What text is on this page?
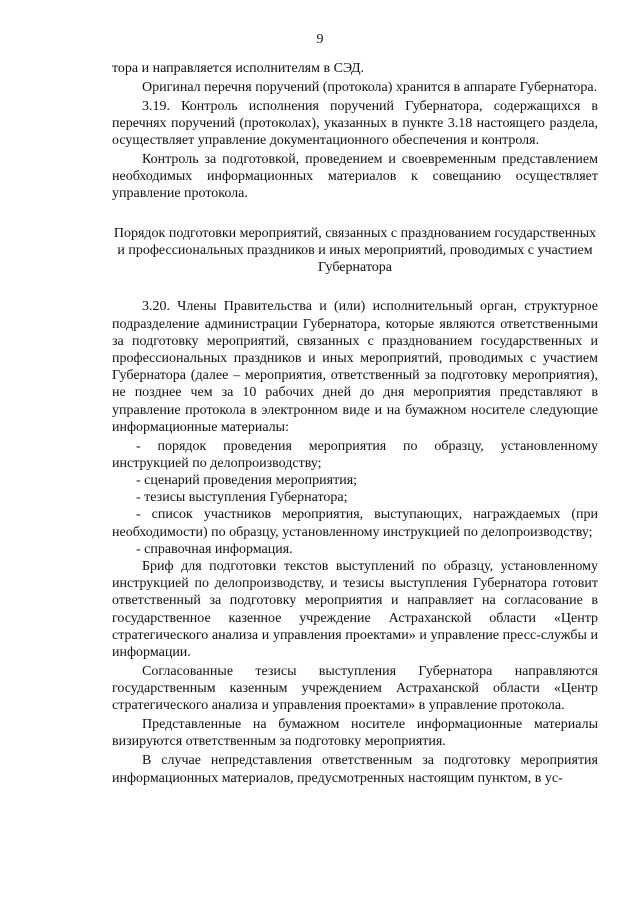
9

тора и направляется исполнителям в СЭД.

Оригинал перечня поручений (протокола) хранится в аппарате Губернатора.

3.19. Контроль исполнения поручений Губернатора, содержащихся в перечнях поручений (протоколах), указанных в пункте 3.18 настоящего раздела, осуществляет управление документационного обеспечения и контроля.

Контроль за подготовкой, проведением и своевременным представлением необходимых информационных материалов к совещанию осуществляет управление протокола.

Порядок подготовки мероприятий, связанных с празднованием государственных и профессиональных праздников и иных мероприятий, проводимых с участием Губернатора

3.20. Члены Правительства и (или) исполнительный орган, структурное подразделение администрации Губернатора, которые являются ответственными за подготовку мероприятий, связанных с празднованием государственных и профессиональных праздников и иных мероприятий, проводимых с участием Губернатора (далее – мероприятия, ответственный за подготовку мероприятия), не позднее чем за 10 рабочих дней до дня мероприятия представляют в управление протокола в электронном виде и на бумажном носителе следующие информационные материалы:

- порядок проведения мероприятия по образцу, установленному инструкцией по делопроизводству;

- сценарий проведения мероприятия;

- тезисы выступления Губернатора;

- список участников мероприятия, выступающих, награждаемых (при необходимости) по образцу, установленному инструкцией по делопроизводству;

- справочная информация.

Бриф для подготовки текстов выступлений по образцу, установленному инструкцией по делопроизводству, и тезисы выступления Губернатора готовит ответственный за подготовку мероприятия и направляет на согласование в государственное казенное учреждение Астраханской области «Центр стратегического анализа и управления проектами» и управление пресс-службы и информации.

Согласованные тезисы выступления Губернатора направляются государственным казенным учреждением Астраханской области «Центр стратегического анализа и управления проектами» в управление протокола.

Представленные на бумажном носителе информационные материалы визируются ответственным за подготовку мероприятия.

В случае непредставления ответственным за подготовку мероприятия информационных материалов, предусмотренных настоящим пунктом, в ус-
